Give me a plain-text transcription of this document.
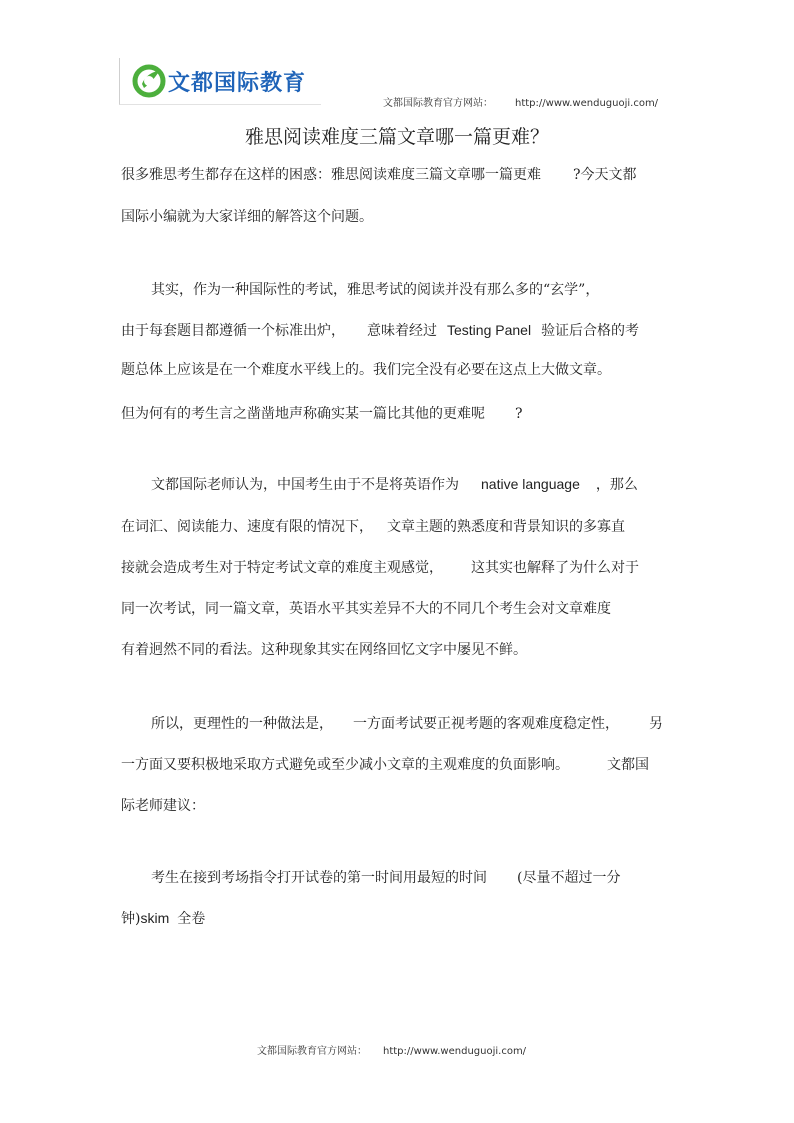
文都国际教育
文都国际教育官方网站： http://www.wenduguoji.com/
雅思阅读难度三篇文章哪一篇更难？
很多雅思考生都存在这样的困惑：雅思阅读难度三篇文章哪一篇更难 ?今天文都
国际小编就为大家详细的解答这个问题。
其实，作为一种国际性的考试，雅思考试的阅读并没有那么多的“玄学”，
由于每套题目都遵循一个标准出炉， 意味着经过 Testing Panel 验证后合格的考
题总体上应该是在一个难度水平线上的。我们完全没有必要在这点上大做文章。
但为何有的考生言之凿凿地声称确实某一篇比其他的更难呢 ?
文都国际老师认为，中国考生由于不是将英语作为 native language ，那么
在词汇、阅读能力、速度有限的情况下， 文章主题的熟悉度和背景知识的多寡直
接就会造成考生对于特定考试文章的难度主观感觉， 这其实也解释了为什么对于
同一次考试，同一篇文章，英语水平其实差异不大的不同几个考生会对文章难度
有着迥然不同的看法。这种现象其实在网络回忆文字中屡见不鲜。
所以，更理性的一种做法是， 一方面考试要正视考题的客观难度稳定性， 另
一方面又要积极地采取方式避免或至少减小文章的主观难度的负面影响。	文都国
际老师建议：
考生在接到考场指令打开试卷的第一时间用最短的时间 (尽量不超过一分
钟)skim 全卷
文都国际教育官方网站： http://www.wenduguoji.com/
